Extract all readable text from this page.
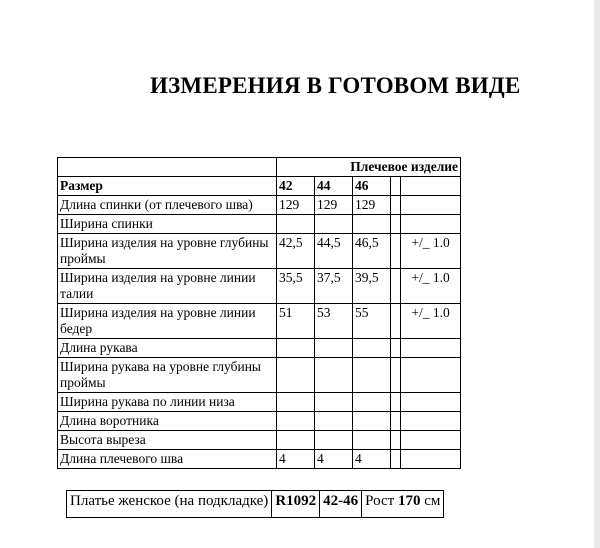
ИЗМЕРЕНИЯ В ГОТОВОМ ВИДЕ
	Плечевое изделие				
Размер	42	44	46		
Длина спинки (от плечевого шва)	129	129	129		
Ширина спинки					
Ширина изделия на уровне глубины проймы	42,5	44,5	46,5		+/_ 1.0
Ширина изделия на уровне линии талии	35,5	37,5	39,5		+/_ 1.0
Ширина изделия на уровне линии бедер	51	53	55		+/_ 1.0
Длина рукава					
Ширина рукава на уровне глубины проймы					
Ширина рукава по линии низа					
Длина воротника					
Высота выреза					
Длина плечевого шва	4	4	4		
Платье женское (на подкладке)	R1092	42-46	Рост 170 см
